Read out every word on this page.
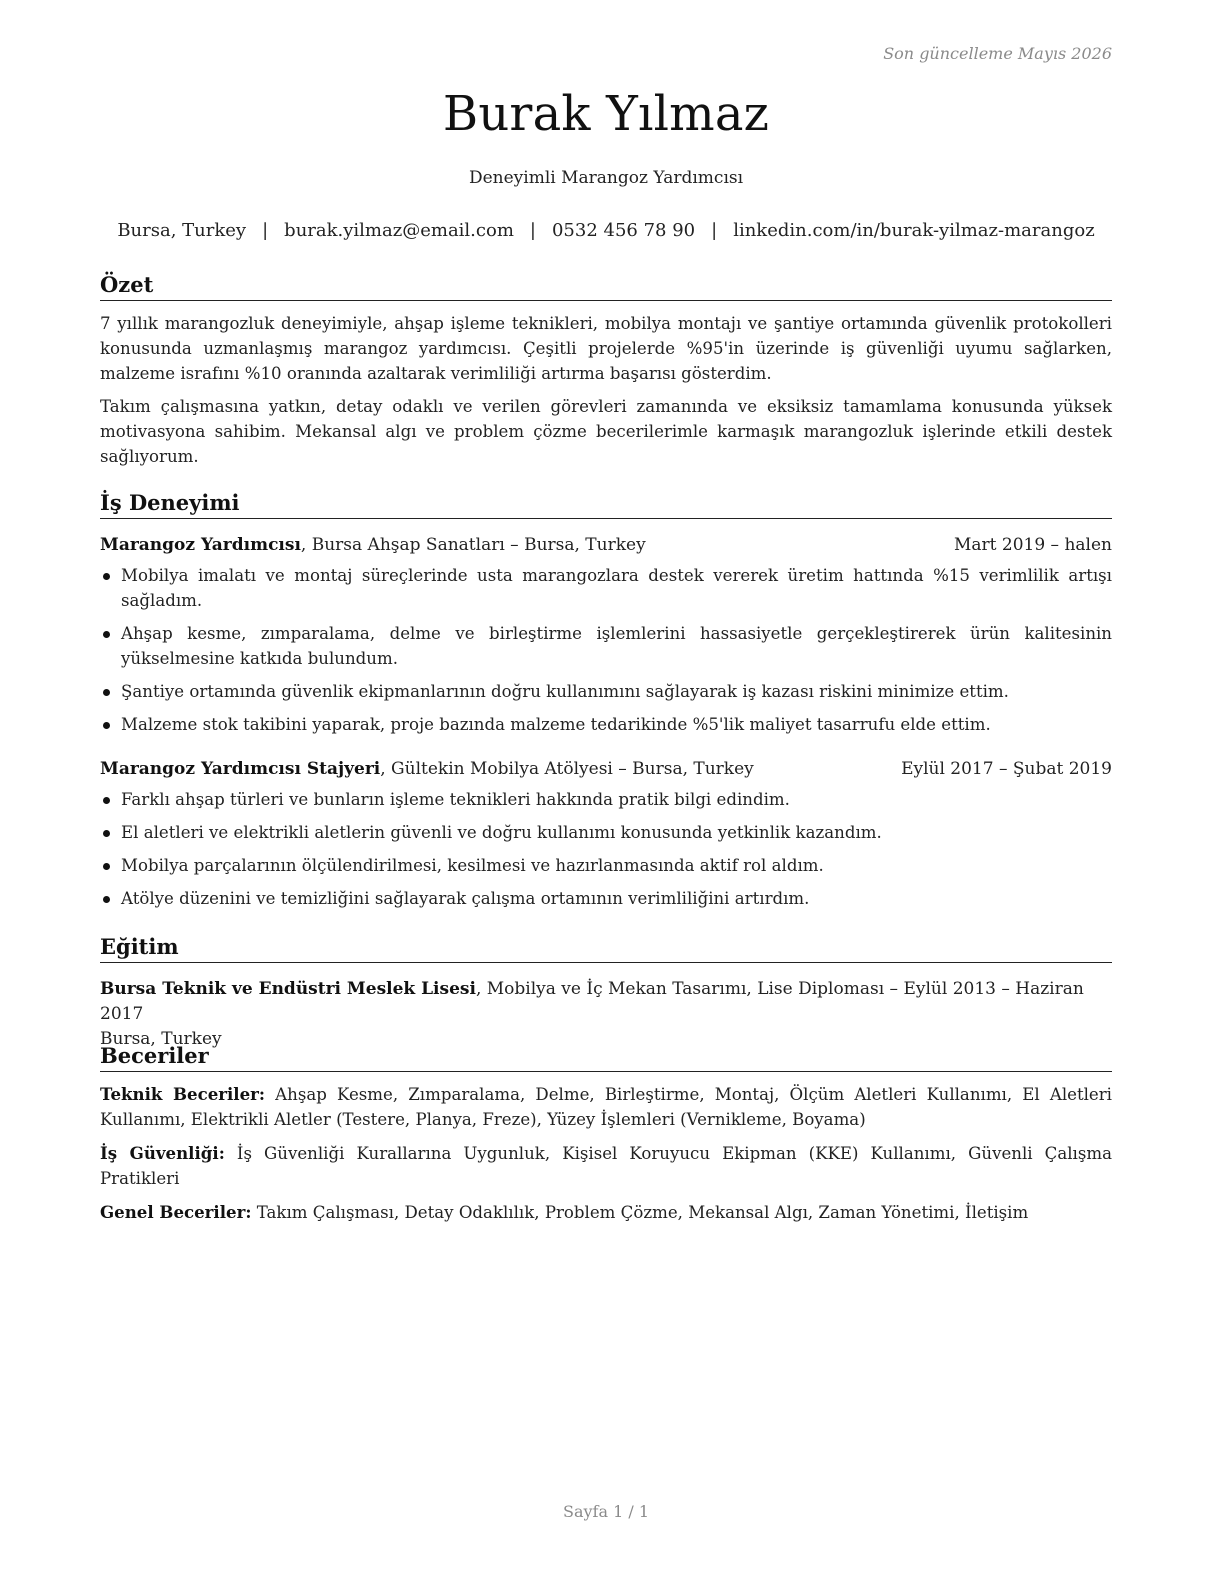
Son güncelleme Mayıs 2026
Burak Yılmaz
Deneyimli Marangoz Yardımcısı
Bursa, Turkey | burak.yilmaz@email.com | 0532 456 78 90 | linkedin.com/in/burak-yilmaz-marangoz
Özet

7 yıllık marangozluk deneyimiyle, ahşap işleme teknikleri, mobilya montajı ve şantiye ortamında güvenlik protokolleri konusunda uzmanlaşmış marangoz yardımcısı. Çeşitli projelerde %95'in üzerinde iş güvenliği uyumu sağlarken, malzeme israfını %10 oranında azaltarak verimliliği artırma başarısı gösterdim.

Takım çalışmasına yatkın, detay odaklı ve verilen görevleri zamanında ve eksiksiz tamamlama konusunda yüksek motivasyona sahibim. Mekansal algı ve problem çözme becerilerimle karmaşık marangozluk işlerinde etkili destek sağlıyorum.

İş Deneyimi
Marangoz Yardımcısı, Bursa Ahşap Sanatları – Bursa, Turkey	Mart 2019 – halen
Mobilya imalatı ve montaj süreçlerinde usta marangozlara destek vererek üretim hattında %15 verimlilik artışı sağladım.
Ahşap kesme, zımparalama, delme ve birleştirme işlemlerini hassasiyetle gerçekleştirerek ürün kalitesinin yükselmesine katkıda bulundum.
Şantiye ortamında güvenlik ekipmanlarının doğru kullanımını sağlayarak iş kazası riskini minimize ettim.
Malzeme stok takibini yaparak, proje bazında malzeme tedarikinde %5'lik maliyet tasarrufu elde ettim.
Marangoz Yardımcısı Stajyeri, Gültekin Mobilya Atölyesi – Bursa, Turkey	Eylül 2017 – Şubat 2019
Farklı ahşap türleri ve bunların işleme teknikleri hakkında pratik bilgi edindim.
El aletleri ve elektrikli aletlerin güvenli ve doğru kullanımı konusunda yetkinlik kazandım.
Mobilya parçalarının ölçülendirilmesi, kesilmesi ve hazırlanmasında aktif rol aldım.
Atölye düzenini ve temizliğini sağlayarak çalışma ortamının verimliliğini artırdım.
Eğitim
Bursa Teknik ve Endüstri Meslek Lisesi, Mobilya ve İç Mekan Tasarımı, Lise Diploması – Eylül 2013 – Haziran 2017
Bursa, Turkey
Beceriler

Teknik Beceriler: Ahşap Kesme, Zımparalama, Delme, Birleştirme, Montaj, Ölçüm Aletleri Kullanımı, El Aletleri Kullanımı, Elektrikli Aletler (Testere, Planya, Freze), Yüzey İşlemleri (Vernikleme, Boyama)

İş Güvenliği: İş Güvenliği Kurallarına Uygunluk, Kişisel Koruyucu Ekipman (KKE) Kullanımı, Güvenli Çalışma Pratikleri

Genel Beceriler: Takım Çalışması, Detay Odaklılık, Problem Çözme, Mekansal Algı, Zaman Yönetimi, İletişim

Sayfa 1 / 1
